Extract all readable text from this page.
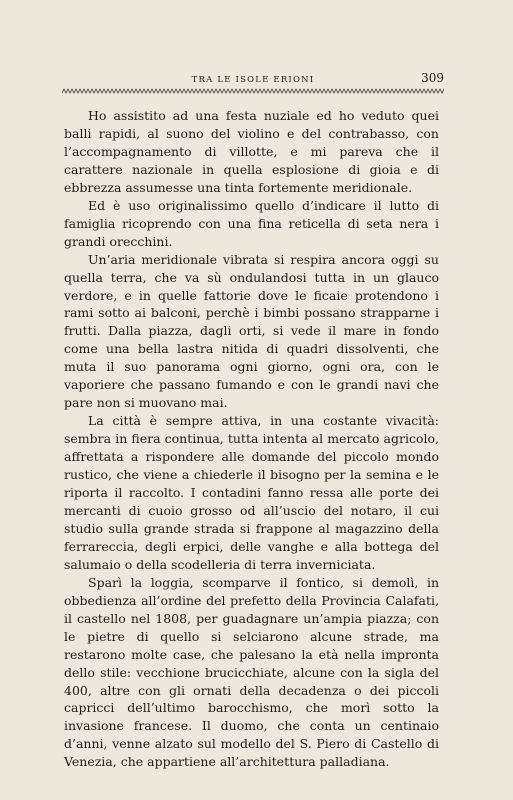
TRA LE ISOLE ERIONI	309

Ho assistito ad una festa nuziale ed ho veduto quei balli rapidi, al suono del violino e del contrabasso, con l’accompagnamento di villotte, e mi pareva che il carattere nazionale in quella esplosione di gioia e di ebbrezza assumesse una tinta fortemente meridionale.

Ed è uso originalissimo quello d’indicare il lutto di famiglia ricoprendo con una fina reticella di seta nera i grandi orecchini.

Un’aria meridionale vibrata si respira ancora oggi su quella terra, che va sù ondulandosi tutta in un glauco verdore, e in quelle fattorie dove le ficaie protendono i rami sotto ai balconi, perchè i bimbi possano strapparne i frutti. Dalla piazza, dagli orti, si vede il mare in fondo come una bella lastra nitida di quadri dissolventi, che muta il suo panorama ogni giorno, ogni ora, con le vaporiere che passano fumando e con le grandi navi che pare non si muovano mai.

La città è sempre attiva, in una costante vivacità: sembra in fiera continua, tutta intenta al mercato agricolo, affrettata a rispondere alle domande del piccolo mondo rustico, che viene a chiederle il bisogno per la semina e le riporta il raccolto. I contadini fanno ressa alle porte dei mercanti di cuoio grosso od all’uscio del notaro, il cui studio sulla grande strada si frappone al magazzino della ferrareccia, degli erpici, delle vanghe e alla bottega del salumaio o della scodelleria di terra inverniciata.

Sparì la loggia, scomparve il fontico, si demolì, in obbedienza all’ordine del prefetto della Provincia Calafati, il castello nel 1808, per guadagnare un’ampia piazza; con le pietre di quello si selciarono alcune strade, ma restarono molte case, che palesano la età nella impronta dello stile: vecchione brucicchiate, alcune con la sigla del 400, altre con gli ornati della decadenza o dei piccoli capricci dell’ultimo barocchismo, che morì sotto la invasione francese. Il duomo, che conta un centinaio d’anni, venne alzato sul modello del S. Piero di Castello di Venezia, che appartiene all’architettura palladiana.
